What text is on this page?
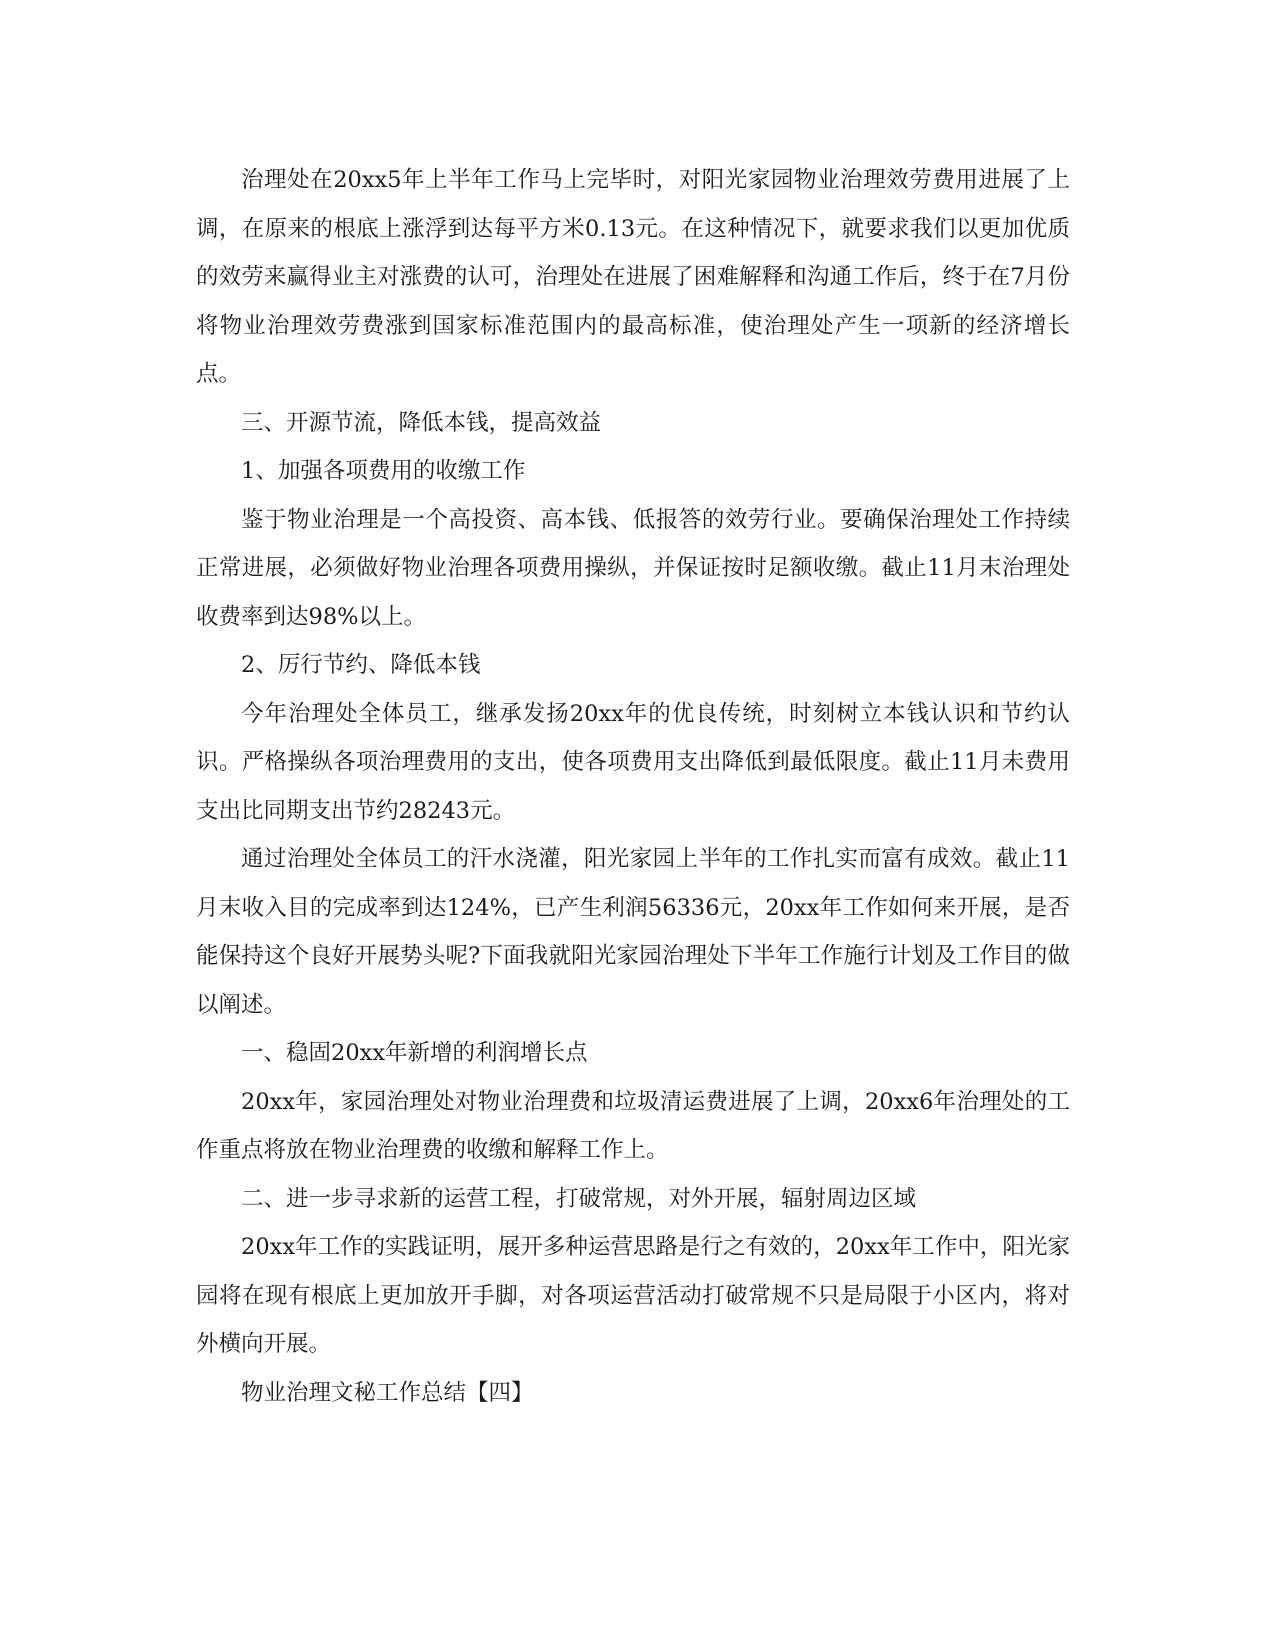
治理处在20xx5年上半年工作马上完毕时，对阳光家园物业治理效劳费用进展了上调，在原来的根底上涨浮到达每平方米0.13元。在这种情况下，就要求我们以更加优质的效劳来赢得业主对涨费的认可，治理处在进展了困难解释和沟通工作后，终于在7月份将物业治理效劳费涨到国家标准范围内的最高标准，使治理处产生一项新的经济增长点。

三、开源节流，降低本钱，提高效益

1、加强各项费用的收缴工作

鉴于物业治理是一个高投资、高本钱、低报答的效劳行业。要确保治理处工作持续正常进展，必须做好物业治理各项费用操纵，并保证按时足额收缴。截止11月末治理处收费率到达98%以上。

2、厉行节约、降低本钱

今年治理处全体员工，继承发扬20xx年的优良传统，时刻树立本钱认识和节约认识。严格操纵各项治理费用的支出，使各项费用支出降低到最低限度。截止11月未费用支出比同期支出节约28243元。

通过治理处全体员工的汗水浇灌，阳光家园上半年的工作扎实而富有成效。截止11月末收入目的完成率到达124%，已产生利润56336元，20xx年工作如何来开展，是否能保持这个良好开展势头呢?下面我就阳光家园治理处下半年工作施行计划及工作目的做以阐述。

一、稳固20xx年新增的利润增长点

20xx年，家园治理处对物业治理费和垃圾清运费进展了上调，20xx6年治理处的工作重点将放在物业治理费的收缴和解释工作上。

二、进一步寻求新的运营工程，打破常规，对外开展，辐射周边区域

20xx年工作的实践证明，展开多种运营思路是行之有效的，20xx年工作中，阳光家园将在现有根底上更加放开手脚，对各项运营活动打破常规不只是局限于小区内，将对外横向开展。

物业治理文秘工作总结【四】
